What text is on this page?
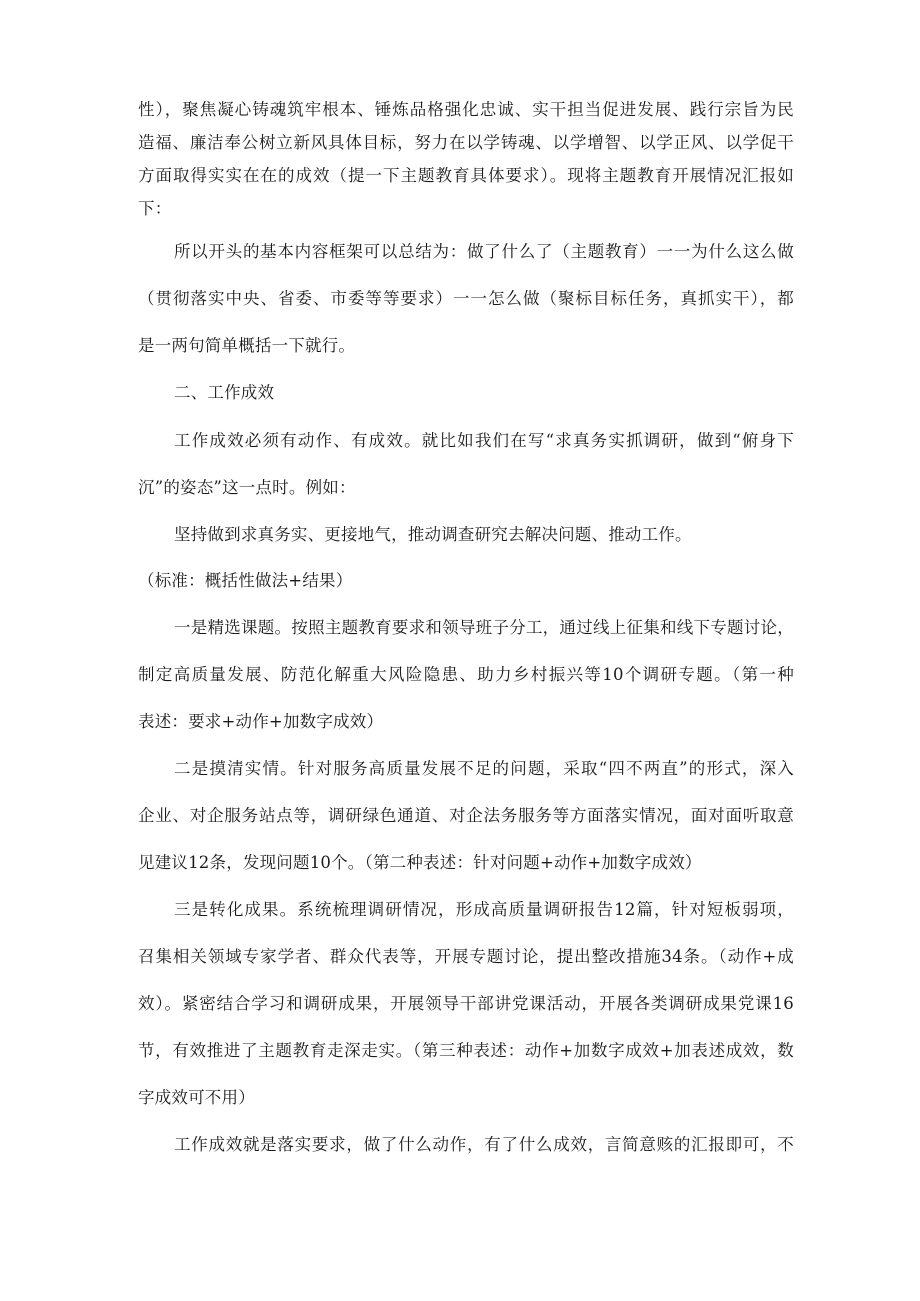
性），聚焦凝心铸魂筑牢根本、锤炼品格强化忠诚、实干担当促进发展、践行宗旨为民
造福、廉洁奉公树立新风具体目标，努力在以学铸魂、以学增智、以学正风、以学促干
方面取得实实在在的成效（提一下主题教育具体要求）。现将主题教育开展情况汇报如
下：
所以开头的基本内容框架可以总结为：做了什么了（主题教育）一一为什么这么做
（贯彻落实中央、省委、市委等等要求）一一怎么做（聚标目标任务，真抓实干），都
是一两句简单概括一下就行。
二、工作成效
工作成效必须有动作、有成效。就比如我们在写“求真务实抓调研，做到“俯身下
沉”的姿态”这一点时。例如：
坚持做到求真务实、更接地气，推动调查研究去解决问题、推动工作。
（标准：概括性做法+结果）
一是精选课题。按照主题教育要求和领导班子分工，通过线上征集和线下专题讨论，
制定高质量发展、防范化解重大风险隐患、助力乡村振兴等10个调研专题。（第一种
表述：要求+动作+加数字成效）
二是摸清实情。针对服务高质量发展不足的问题，采取“四不两直”的形式，深入
企业、对企服务站点等，调研绿色通道、对企法务服务等方面落实情况，面对面听取意
见建议12条，发现问题10个。（第二种表述：针对问题+动作+加数字成效）
三是转化成果。系统梳理调研情况，形成高质量调研报告12篇，针对短板弱项，
召集相关领域专家学者、群众代表等，开展专题讨论，提出整改措施34条。（动作+成
效）。紧密结合学习和调研成果，开展领导干部讲党课活动，开展各类调研成果党课16
节，有效推进了主题教育走深走实。（第三种表述：动作+加数字成效+加表述成效，数
字成效可不用）
工作成效就是落实要求，做了什么动作，有了什么成效，言简意赅的汇报即可，不
